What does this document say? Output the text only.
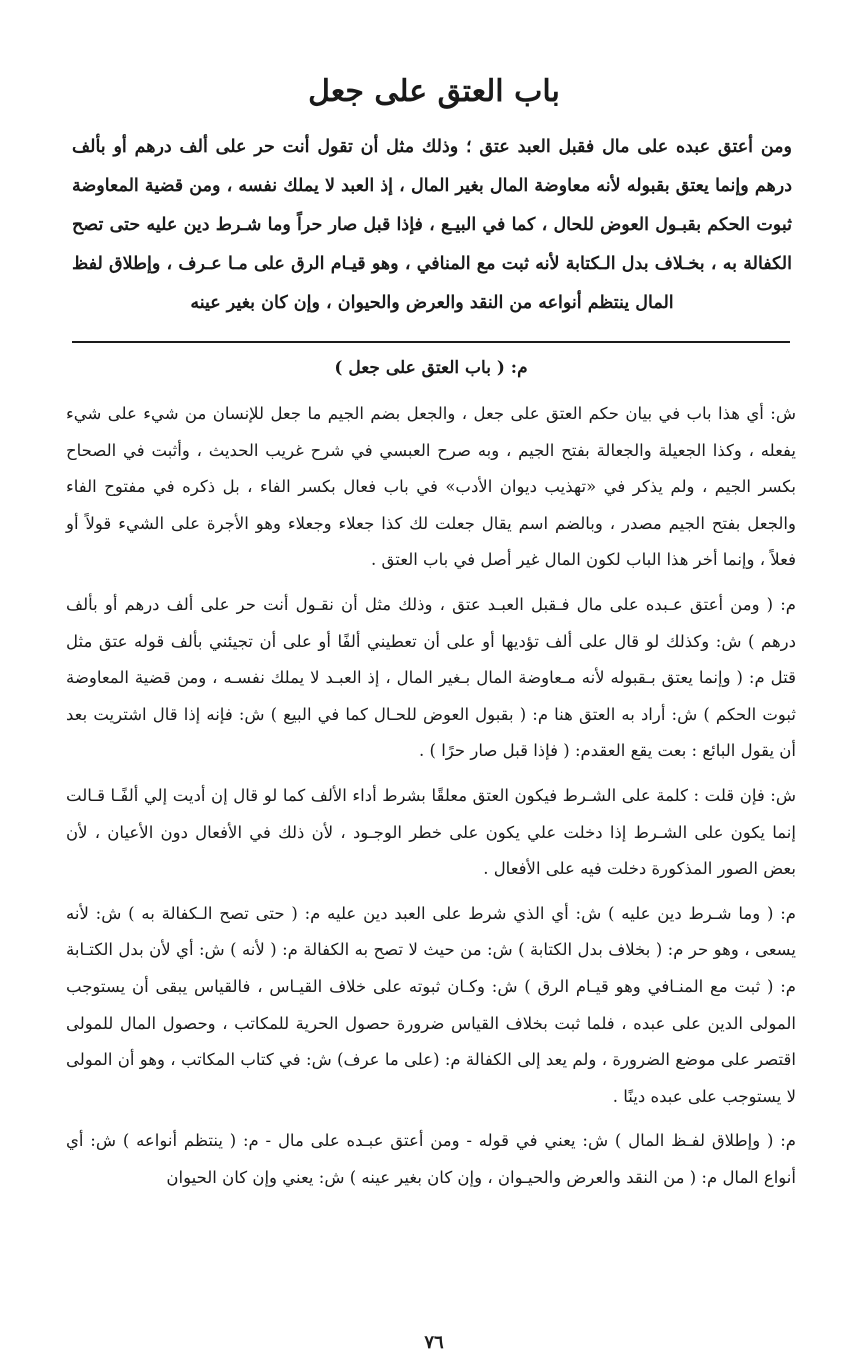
باب العتق على جعل

ومن أعتق عبده على مال فقبل العبد عتق ؛ وذلك مثل أن تقول أنت حر على ألف درهم أو بألف درهم وإنما يعتق بقبوله لأنه معاوضة المال بغير المال ، إذ العبد لا يملك نفسه ، ومن قضية المعاوضة ثبوت الحكم بقبـول العوض للحال ، كما في البيـع ، فإذا قبل صار حراً وما شـرط دين عليه حتى تصح الكفالة به ، بخـلاف بدل الـكتابة لأنه ثبت مع المنافي ، وهو قيـام الرق على مـا عـرف ، وإطلاق لفظ المال ينتظم أنواعه من النقد والعرض والحيوان ، وإن كان بغير عينه

م: ( باب العتق على جعل )

ش: أي هذا باب في بيان حكم العتق على جعل ، والجعل بضم الجيم ما جعل للإنسان من شيء على شيء يفعله ، وكذا الجعيلة والجعالة بفتح الجيم ، وبه صرح العبسي في شرح غريب الحديث ، وأثبت في الصحاح بكسر الجيم ، ولم يذكر في «تهذيب ديوان الأدب» في باب فعال بكسر الفاء ، بل ذكره في مفتوح الفاء والجعل بفتح الجيم مصدر ، وبالضم اسم يقال جعلت لك كذا جعلاء وجعلاء وهو الأجرة على الشيء قولاً أو فعلاً ، وإنما أخر هذا الباب لكون المال غير أصل في باب العتق .

م: ( ومن أعتق عـبده على مال فـقبل العبـد عتق ، وذلك مثل أن نقـول أنت حر على ألف درهم أو بألف درهم ) ش: وكذلك لو قال على ألف تؤديها أو على أن تعطيني ألفًا أو على أن تجيئني بألف قوله عتق مثل قتل م: ( وإنما يعتق بـقبوله لأنه مـعاوضة المال بـغير المال ، إذ العبـد لا يملك نفسـه ، ومن قضية المعاوضة ثبوت الحكم ) ش: أراد به العتق هنا م: ( بقبول العوض للحـال كما في البيع ) ش: فإنه إذا قال اشتريت بعد أن يقول البائع : بعت يقع العقدم: ( فإذا قبل صار حرًا ) .

ش: فإن قلت : كلمة على الشـرط فيكون العتق معلقًا بشرط أداء الألف كما لو قال إن أديت إلي ألفًـا قـالت إنما يكون على الشـرط إذا دخلت علي يكون على خطر الوجـود ، لأن ذلك في الأفعال دون الأعيان ، لأن بعض الصور المذكورة دخلت فيه على الأفعال .

م: ( وما شـرط دين عليه ) ش: أي الذي شرط على العبد دين عليه م: ( حتى تصح الـكفالة به ) ش: لأنه يسعى ، وهو حر م: ( بخلاف بدل الكتابة ) ش: من حيث لا تصح به الكفالة م: ( لأنه ) ش: أي لأن بدل الكتـابة م: ( ثبت مع المنـافي وهو قيـام الرق ) ش: وكـان ثبوته على خلاف القيـاس ، فالقياس يبقى أن يستوجب المولى الدين على عبده ، فلما ثبت بخلاف القياس ضرورة حصول الحرية للمكاتب ، وحصول المال للمولى اقتصر على موضع الضرورة ، ولم يعد إلى الكفالة م: (على ما عرف) ش: في كتاب المكاتب ، وهو أن المولى لا يستوجب على عبده دينًا .

م: ( وإطلاق لفـظ المال ) ش: يعني في قوله - ومن أعتق عبـده على مال - م: ( ينتظم أنواعه ) ش: أي أنواع المال م: ( من النقد والعرض والحيـوان ، وإن كان بغير عينه ) ش: يعني وإن كان الحيوان

٧٦
